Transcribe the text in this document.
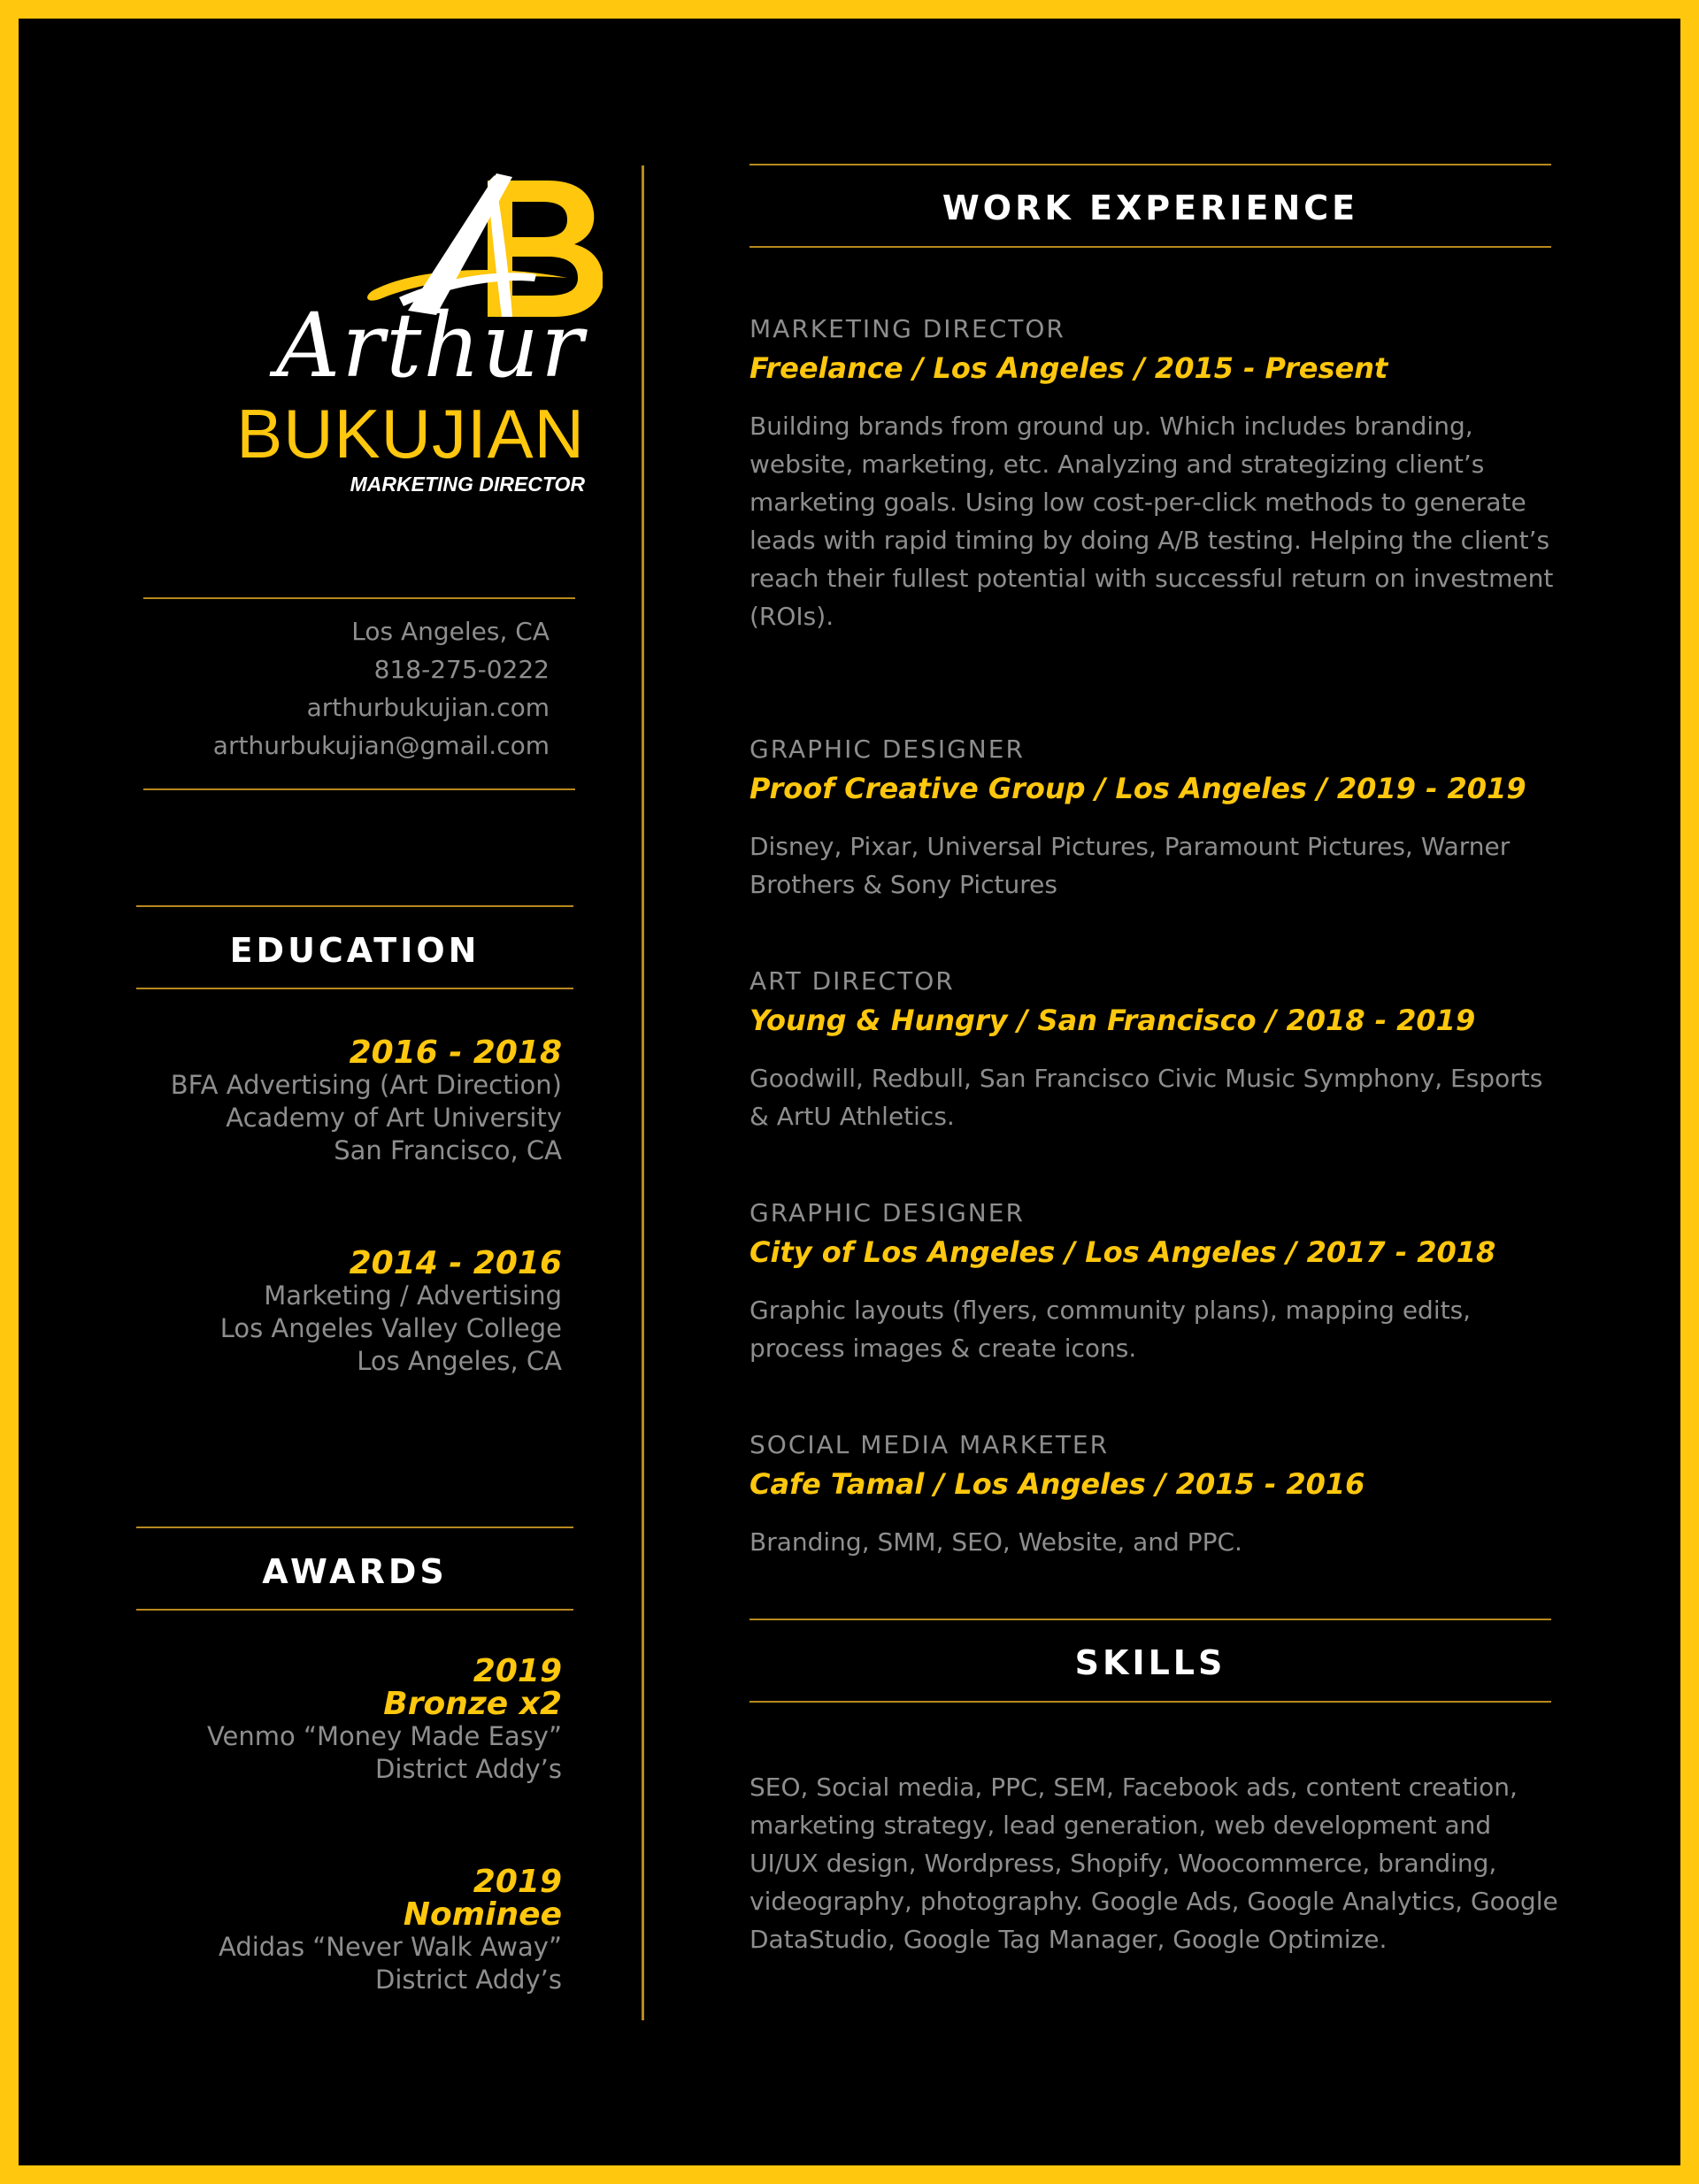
Arthur
BUKUJIAN
MARKETING DIRECTOR
Los Angeles, CA
818-275-0222
arthurbukujian.com
arthurbukujian@gmail.com
EDUCATION
2016 - 2018
BFA Advertising (Art Direction)
Academy of Art University
San Francisco, CA
2014 - 2016
Marketing / Advertising
Los Angeles Valley College
Los Angeles, CA
AWARDS
2019
Bronze x2
Venmo “Money Made Easy”
District Addy’s
2019
Nominee
Adidas “Never Walk Away”
District Addy’s
WORK EXPERIENCE
MARKETING DIRECTOR
Freelance / Los Angeles / 2015 - Present
Building brands from ground up. Which includes branding, website, marketing, etc. Analyzing and strategizing client’s marketing goals. Using low cost-per-click methods to generate leads with rapid timing by doing A/B testing. Helping the client’s reach their fullest potential with successful return on investment (ROIs).
GRAPHIC DESIGNER
Proof Creative Group / Los Angeles / 2019 - 2019
Disney, Pixar, Universal Pictures, Paramount Pictures, Warner Brothers & Sony Pictures
ART DIRECTOR
Young & Hungry / San Francisco / 2018 - 2019
Goodwill, Redbull, San Francisco Civic Music Symphony, Esports & ArtU Athletics.
GRAPHIC DESIGNER
City of Los Angeles / Los Angeles / 2017 - 2018
Graphic layouts (flyers, community plans), mapping edits, process images & create icons.
SOCIAL MEDIA MARKETER
Cafe Tamal / Los Angeles / 2015 - 2016
Branding, SMM, SEO, Website, and PPC.
SKILLS
SEO, Social media, PPC, SEM, Facebook ads, content creation, marketing strategy, lead generation, web development and UI/UX design, Wordpress, Shopify, Woocommerce, branding, videography, photography. Google Ads, Google Analytics, Google DataStudio, Google Tag Manager, Google Optimize.
